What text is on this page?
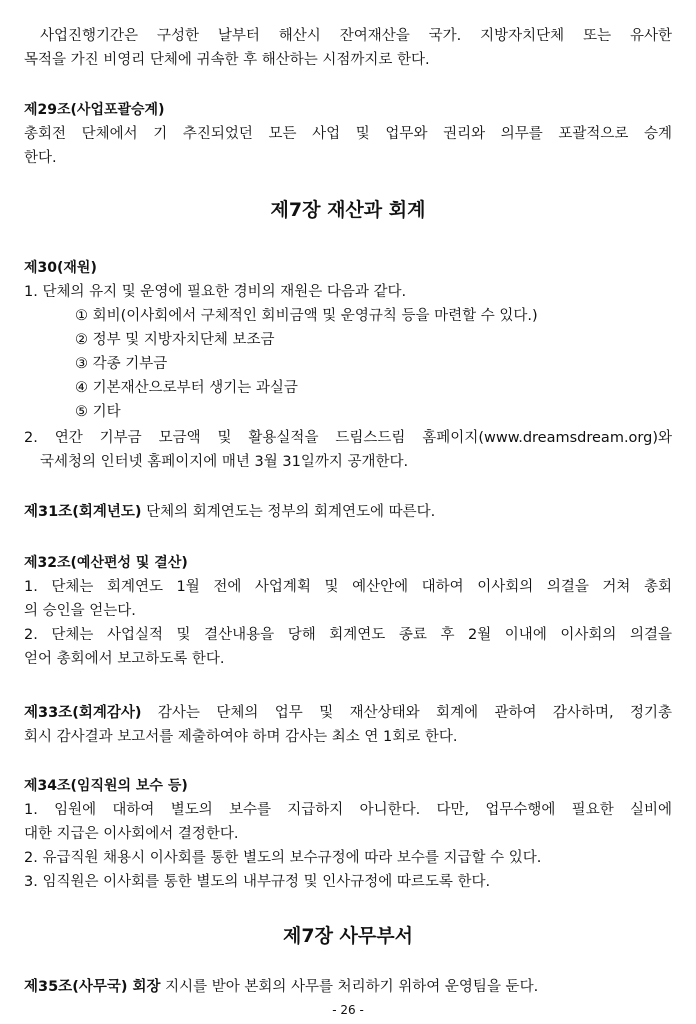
사업진행기간은 구성한 날부터 해산시 잔여재산을 국가. 지방자치단체 또는 유사한
목적을 가진 비영리 단체에 귀속한 후 해산하는 시점까지로 한다.
제29조(사업포괄승계)
총회전 단체에서 기 추진되었던 모든 사업 및 업무와 권리와 의무를 포괄적으로 승계
한다.
제7장 재산과 회계
제30(재원)
1. 단체의 유지 및 운영에 필요한 경비의 재원은 다음과 같다.
① 회비(이사회에서 구체적인 회비금액 및 운영규칙 등을 마련할 수 있다.)
② 정부 및 지방자치단체 보조금
③ 각종 기부금
④ 기본재산으로부터 생기는 과실금
⑤ 기타
2. 연간 기부금 모금액 및 활용실적을 드림스드림 홈페이지(www.dreamsdream.org)와
국세청의 인터넷 홈페이지에 매년 3월 31일까지 공개한다.
제31조(회계년도) 단체의 회계연도는 정부의 회계연도에 따른다.
제32조(예산편성 및 결산)
1. 단체는 회계연도 1월 전에 사업계획 및 예산안에 대하여 이사회의 의결을 거쳐 총회
의 승인을 얻는다.
2. 단체는 사업실적 및 결산내용을 당해 회계연도 종료 후 2월 이내에 이사회의 의결을
얻어 총회에서 보고하도록 한다.
제33조(회계감사) 감사는 단체의 업무 및 재산상태와 회계에 관하여 감사하며, 정기총
회시 감사결과 보고서를 제출하여야 하며 감사는 최소 연 1회로 한다.
제34조(임직원의 보수 등)
1. 임원에 대하여 별도의 보수를 지급하지 아니한다. 다만, 업무수행에 필요한 실비에
대한 지급은 이사회에서 결정한다.
2. 유급직원 채용시 이사회를 통한 별도의 보수규정에 따라 보수를 지급할 수 있다.
3. 임직원은 이사회를 통한 별도의 내부규정 및 인사규정에 따르도록 한다.
제7장 사무부서
제35조(사무국) 회장 지시를 받아 본회의 사무를 처리하기 위하여 운영팀을 둔다.
- 26 -
